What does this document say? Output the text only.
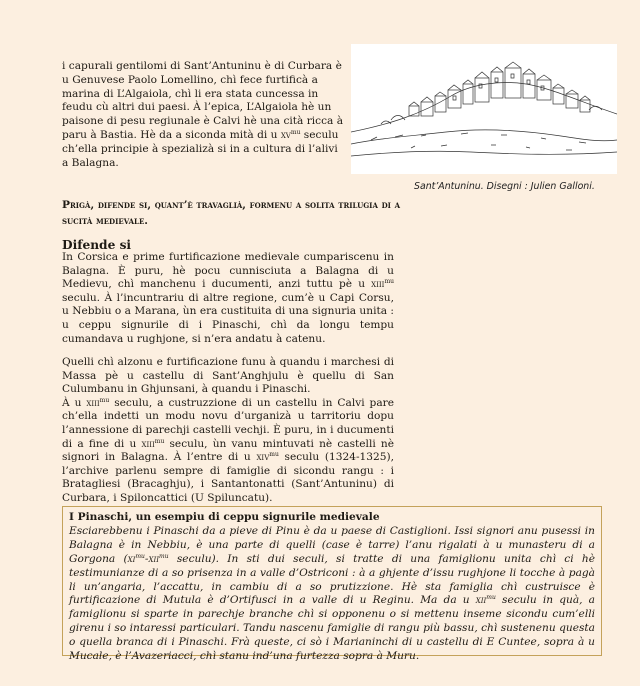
i capurali gentilomi di Sant’Antuninu è di Curbara è u Genuvese Paolo Lomellino, chì fece furtificà a marina di L’Algaiola, chì li era stata cuncessa in feudu cù altri dui paesi. À l’epica, L’Algaiola hè un paisone di pesu regiunale è Calvi hè una cità ricca à paru à Bastia. Hè da a siconda mità di u $xv^{mu}$ seculu ch’ella principie à spezializà si in a cultura di l’alivi a Balagna.
Sant’Antuninu. Disegni : Julien Galloni.
Prigà, difende si, quant’è travaglià, formenu a solita trilugia di a sucità medievale.
Difende si
In Corsica e prime furtificazione medievale cumpariscenu in Balagna. È puru, hè pocu cunnisciuta a Balagna di u Medievu, chì manchenu i ducumenti, anzi tuttu pè u xiii$^{mu}$ seculu. À l’incuntrariu di altre regione, cum’è u Capi Corsu, u Nebbiu o a Marana, ùn era custituita di una signuria unita : u ceppu signurile di i Pinaschi, chì da longu tempu cumandava u rughjone, si n’era andatu à catenu.
Quelli chì alzonu e furtificazione funu à quandu i marchesi di Massa pè u castellu di Sant’Anghjulu è quellu di San Culumbanu in Ghjunsani, à quandu i Pinaschi.
À u xiii$^{mu}$ seculu, a custruzzione di un castellu in Calvi pare ch’ella indetti un modu novu d’urganizà u tarritoriu dopu l’annessione di parechji castelli vechji. È puru, in i ducumenti di a fine di u xiii$^{mu}$ seculu, ùn vanu mintuvati nè castelli nè signori in Balagna. À l’entre di u xiv$^{mu}$ seculu (1324-1325), l’archive parlenu sempre di famiglie di sicondu rangu : i Bratagliesi (Bracaghju), i Santantonatti (Sant’Antuninu) di Curbara, i Spiloncattici (U Spiluncatu).
I Pinaschi, un esempiu di ceppu signurile medievale
Esciarebbenu i Pinaschi da a pieve di Pinu è da u paese di Castiglioni. Issi signori anu pusessi in Balagna è in Nebbiu, è una parte di quelli (case è tarre) l’anu rigalati à u munasteru di a Gorgona ($xi^{mu}-xii^{mu}$ seculu). In sti dui seculi, si tratte di una famiglionu unita chì ci hè testimunianze di a so prisenza in a valle d’Ostriconi : à a ghjente d’issu rughjone li tocche à pagà li un’angaria, l’accattu, in cambiu di a so prutizzione. Hè sta famiglia chì custruisce è furtificazione di Mutula è d’Ortifusci in a valle di u Reginu. Ma da u xii$^{mu}$ seculu in quà, a famiglionu si sparte in parechje branche chì si opponenu o si mettenu inseme sicondu cum’elli girenu i so intaressi particulari. Tandu nascenu famiglie di rangu più bassu, chì sustenenu questa o quella branca di i Pinaschi. Frà queste, ci sò i Marianinchi di u castellu di E Cuntee, sopra à u Mucale, è l’Avazeriacci, chì stanu ind’una furtezza sopra à Muru.
